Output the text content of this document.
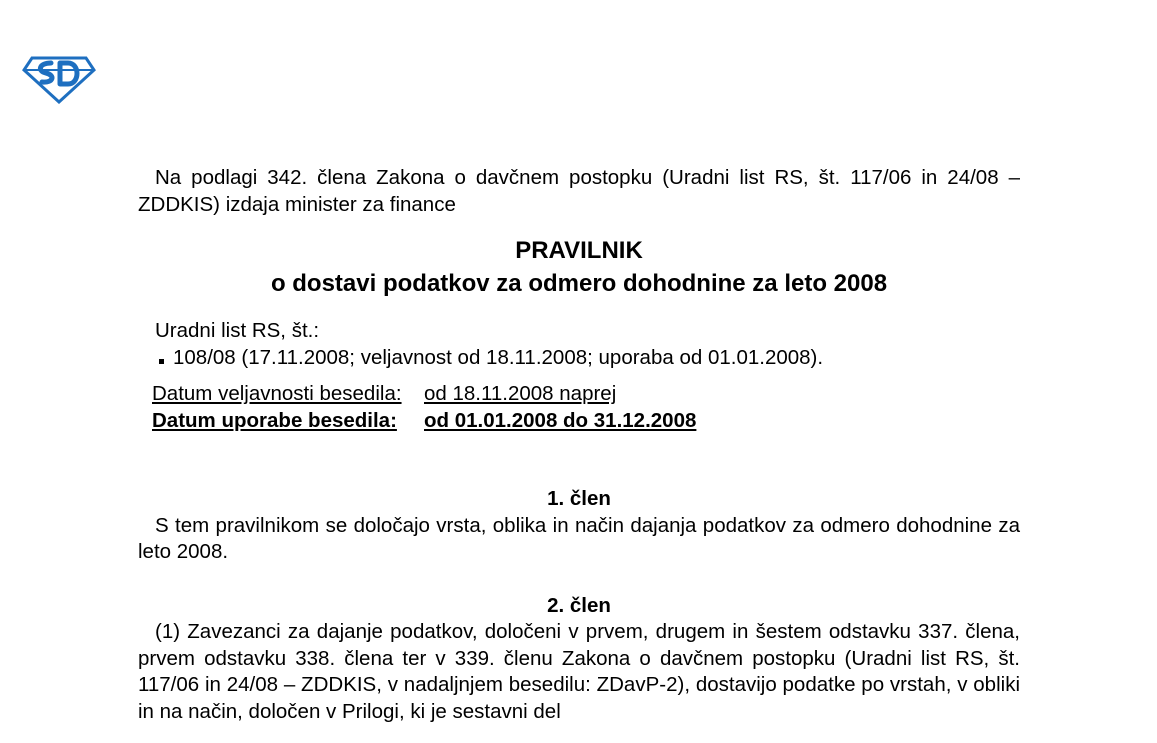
Na podlagi 342. člena Zakona o davčnem postopku (Uradni list RS, št. 117/06 in 24/08 – ZDDKIS) izdaja minister za finance

PRAVILNIK
o dostavi podatkov za odmero dohodnine za leto 2008
Uradni list RS, št.:
108/08 (17.11.2008; veljavnost od 18.11.2008; uporaba od 01.01.2008).
Datum veljavnosti besedila:	od 18.11.2008 naprej
Datum uporabe besedila:	od 01.01.2008 do 31.12.2008
1. člen

S tem pravilnikom se določajo vrsta, oblika in način dajanja podatkov za odmero dohodnine za leto 2008.

2. člen

(1) Zavezanci za dajanje podatkov, določeni v prvem, drugem in šestem odstavku 337. člena, prvem odstavku 338. člena ter v 339. členu Zakona o davčnem postopku (Uradni list RS, št. 117/06 in 24/08 – ZDDKIS, v nadaljnjem besedilu: ZDavP-2), dostavijo podatke po vrstah, v obliki in na način, določen v Prilogi, ki je sestavni del
